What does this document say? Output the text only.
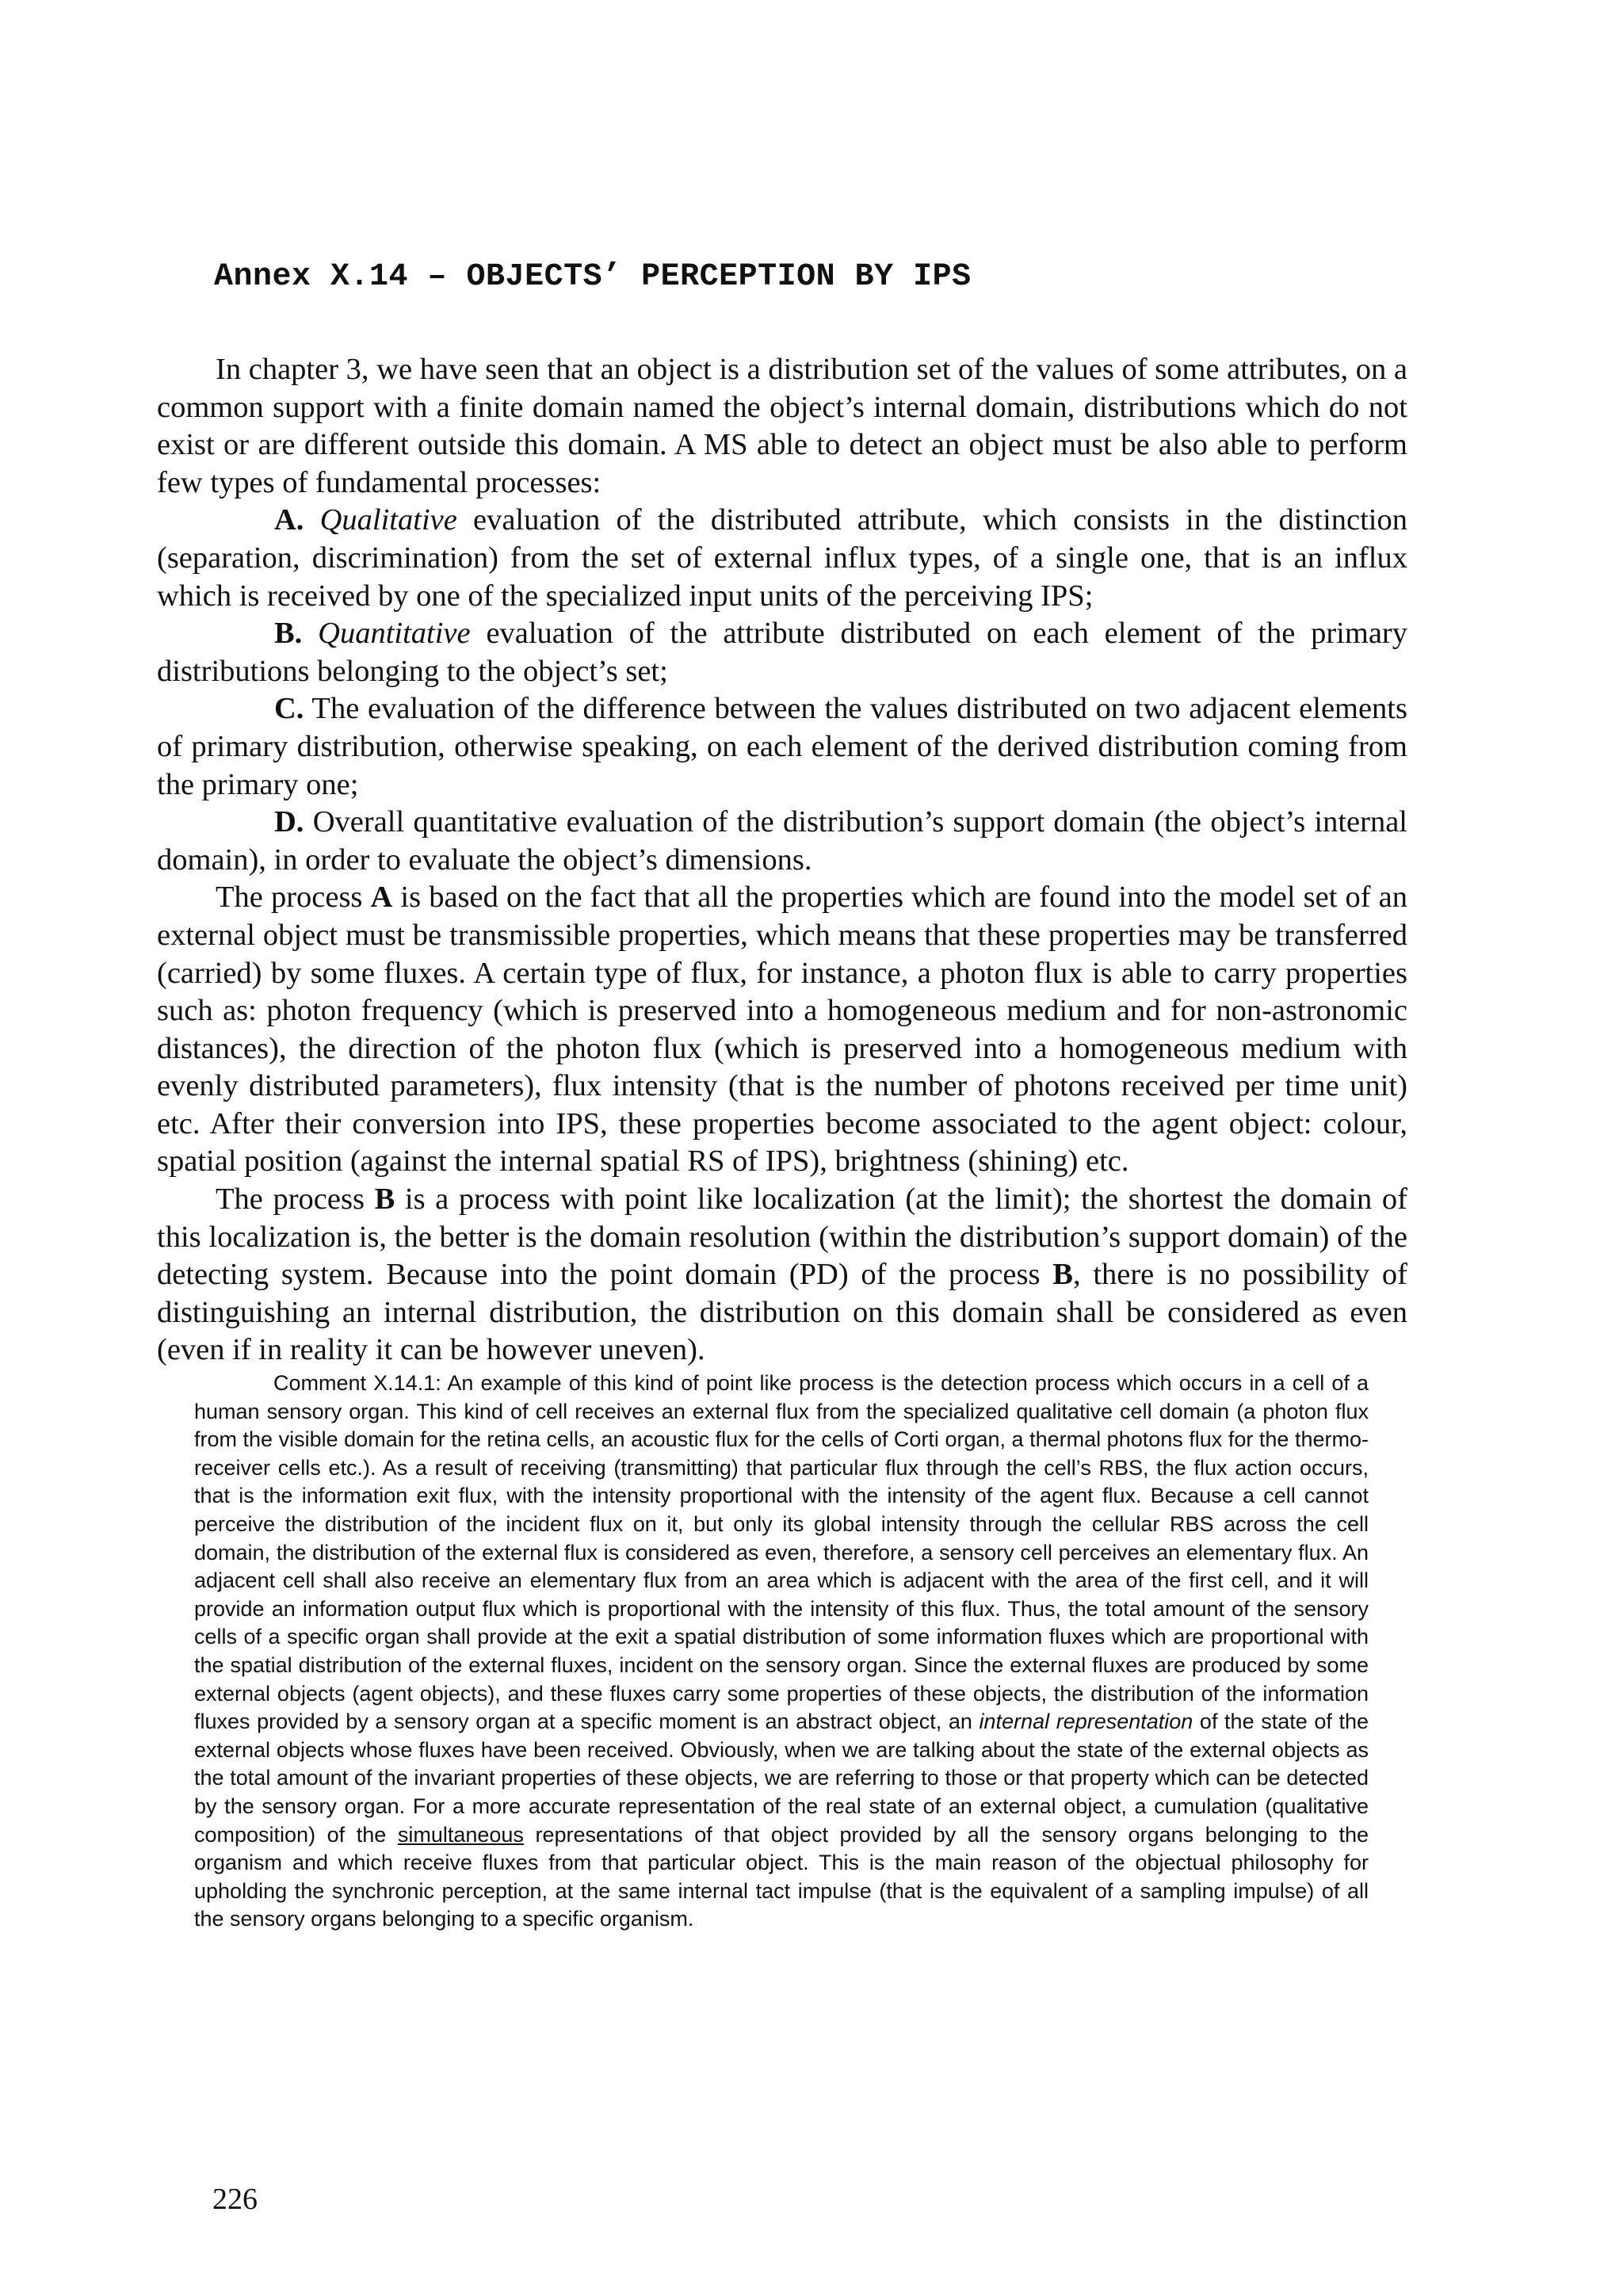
Annex X.14 – OBJECTS’ PERCEPTION BY IPS

In chapter 3, we have seen that an object is a distribution set of the values of some attributes, on a common support with a finite domain named the object’s internal domain, distributions which do not exist or are different outside this domain. A MS able to detect an object must be also able to perform few types of fundamental processes:

A. Qualitative evaluation of the distributed attribute, which consists in the distinction (separation, discrimination) from the set of external influx types, of a single one, that is an influx which is received by one of the specialized input units of the perceiving IPS;

B. Quantitative evaluation of the attribute distributed on each element of the primary distributions belonging to the object’s set;

C. The evaluation of the difference between the values distributed on two adjacent elements of primary distribution, otherwise speaking, on each element of the derived distribution coming from the primary one;

D. Overall quantitative evaluation of the distribution’s support domain (the object’s internal domain), in order to evaluate the object’s dimensions.

The process A is based on the fact that all the properties which are found into the model set of an external object must be transmissible properties, which means that these properties may be transferred (carried) by some fluxes. A certain type of flux, for instance, a photon flux is able to carry properties such as: photon frequency (which is preserved into a homogeneous medium and for non-astronomic distances), the direction of the photon flux (which is preserved into a homogeneous medium with evenly distributed parameters), flux intensity (that is the number of photons received per time unit) etc. After their conversion into IPS, these properties become associated to the agent object: colour, spatial position (against the internal spatial RS of IPS), brightness (shining) etc.

The process B is a process with point like localization (at the limit); the shortest the domain of this localization is, the better is the domain resolution (within the distribution’s support domain) of the detecting system. Because into the point domain (PD) of the process B, there is no possibility of distinguishing an internal distribution, the distribution on this domain shall be considered as even (even if in reality it can be however uneven).

Comment X.14.1: An example of this kind of point like process is the detection process which occurs in a cell of a human sensory organ. This kind of cell receives an external flux from the specialized qualitative cell domain (a photon flux from the visible domain for the retina cells, an acoustic flux for the cells of Corti organ, a thermal photons flux for the thermo-receiver cells etc.). As a result of receiving (transmitting) that particular flux through the cell’s RBS, the flux action occurs, that is the information exit flux, with the intensity proportional with the intensity of the agent flux. Because a cell cannot perceive the distribution of the incident flux on it, but only its global intensity through the cellular RBS across the cell domain, the distribution of the external flux is considered as even, therefore, a sensory cell perceives an elementary flux. An adjacent cell shall also receive an elementary flux from an area which is adjacent with the area of the first cell, and it will provide an information output flux which is proportional with the intensity of this flux. Thus, the total amount of the sensory cells of a specific organ shall provide at the exit a spatial distribution of some information fluxes which are proportional with the spatial distribution of the external fluxes, incident on the sensory organ. Since the external fluxes are produced by some external objects (agent objects), and these fluxes carry some properties of these objects, the distribution of the information fluxes provided by a sensory organ at a specific moment is an abstract object, an internal representation of the state of the external objects whose fluxes have been received. Obviously, when we are talking about the state of the external objects as the total amount of the invariant properties of these objects, we are referring to those or that property which can be detected by the sensory organ. For a more accurate representation of the real state of an external object, a cumulation (qualitative composition) of the simultaneous representations of that object provided by all the sensory organs belonging to the organism and which receive fluxes from that particular object. This is the main reason of the objectual philosophy for upholding the synchronic perception, at the same internal tact impulse (that is the equivalent of a sampling impulse) of all the sensory organs belonging to a specific organism.

226
